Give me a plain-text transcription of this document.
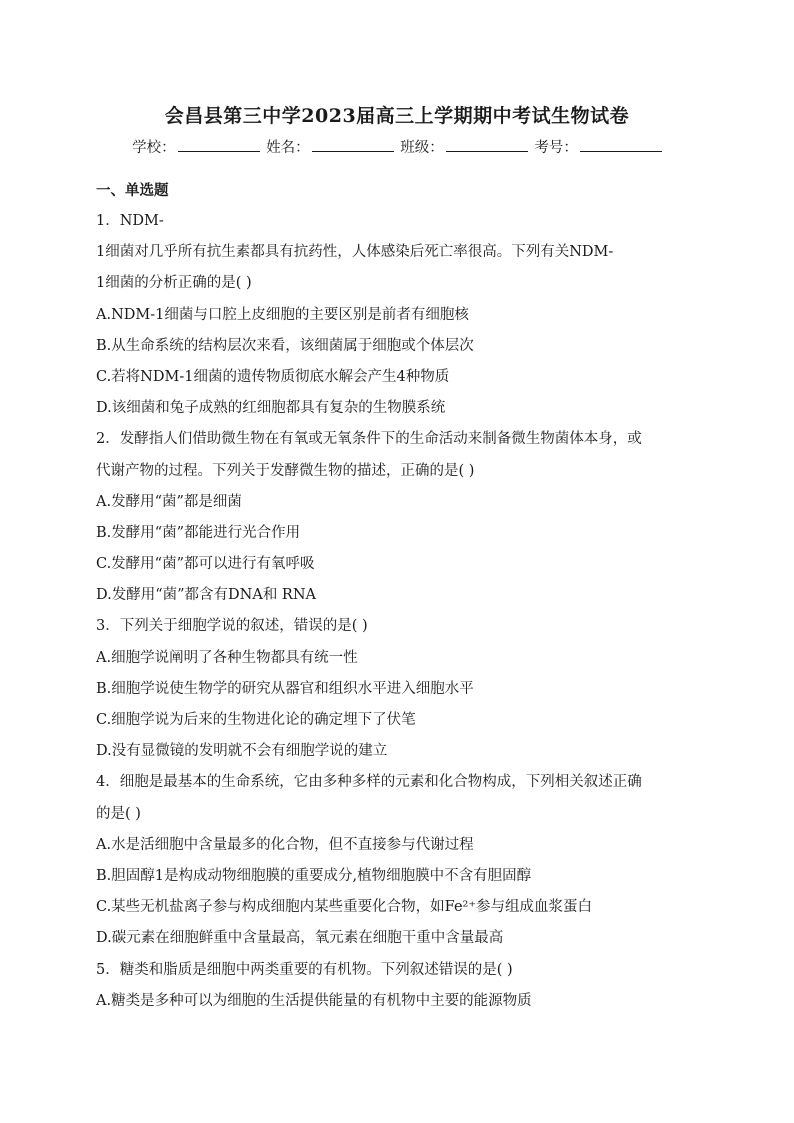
会昌县第三中学2023届高三上学期期中考试生物试卷
学校：	姓名：	班级：	考号：
一、单选题
1．NDM-
1细菌对几乎所有抗生素都具有抗药性，人体感染后死亡率很高。下列有关NDM-
1细菌的分析正确的是( )
A.NDM-1细菌与口腔上皮细胞的主要区别是前者有细胞核
B.从生命系统的结构层次来看，该细菌属于细胞或个体层次
C.若将NDM-1细菌的遗传物质彻底水解会产生4种物质
D.该细菌和兔子成熟的红细胞都具有复杂的生物膜系统
2．发酵指人们借助微生物在有氧或无氧条件下的生命活动来制备微生物菌体本身，或
代谢产物的过程。下列关于发酵微生物的描述，正确的是( )
A.发酵用“菌”都是细菌
B.发酵用“菌”都能进行光合作用
C.发酵用“菌”都可以进行有氧呼吸
D.发酵用“菌”都含有DNA和 RNA
3．下列关于细胞学说的叙述，错误的是( )
A.细胞学说阐明了各种生物都具有统一性
B.细胞学说使生物学的研究从器官和组织水平进入细胞水平
C.细胞学说为后来的生物进化论的确定埋下了伏笔
D.没有显微镜的发明就不会有细胞学说的建立
4．细胞是最基本的生命系统，它由多种多样的元素和化合物构成，下列相关叙述正确
的是( )
A.水是活细胞中含量最多的化合物，但不直接参与代谢过程
B.胆固醇1是构成动物细胞膜的重要成分,植物细胞膜中不含有胆固醇
C.某些无机盐离子参与构成细胞内某些重要化合物，如Fe²⁺参与组成血浆蛋白
D.碳元素在细胞鲜重中含量最高，氧元素在细胞干重中含量最高
5．糖类和脂质是细胞中两类重要的有机物。下列叙述错误的是( )
A.糖类是多种可以为细胞的生活提供能量的有机物中主要的能源物质
